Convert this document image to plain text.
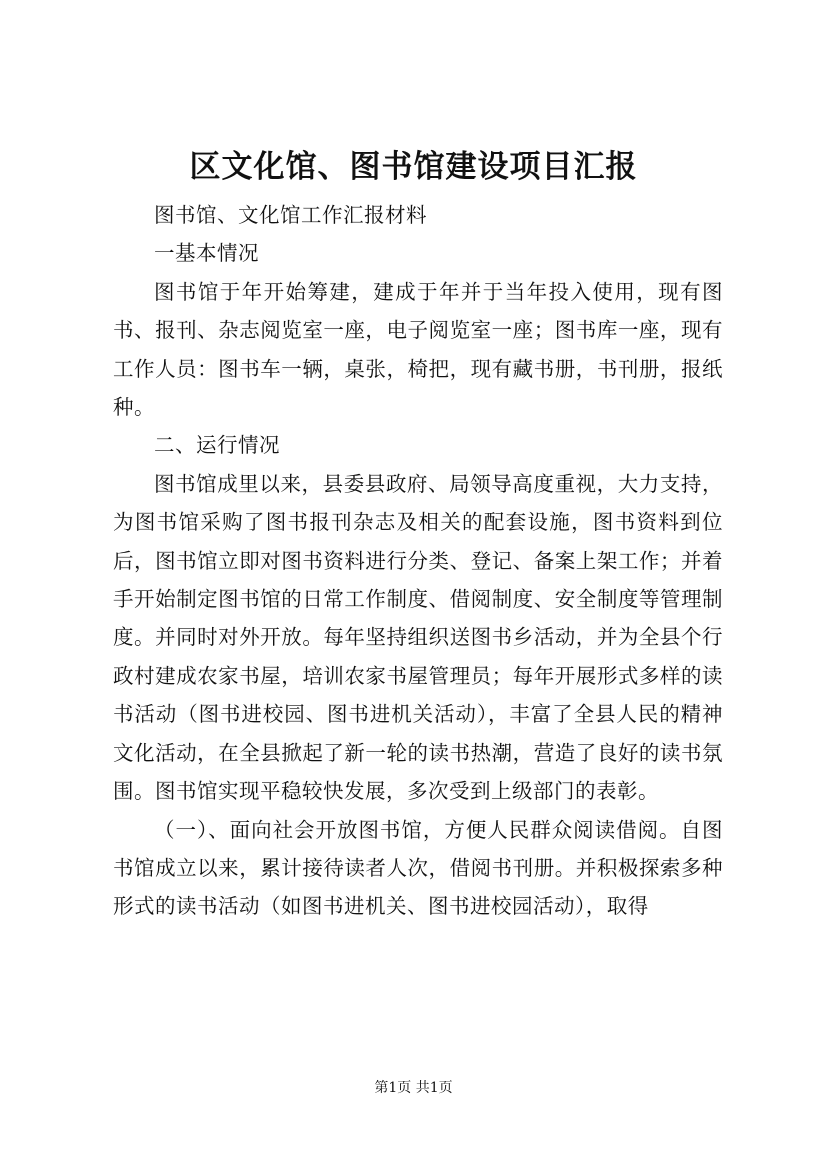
区文化馆、图书馆建设项目汇报

图书馆、文化馆工作汇报材料

一基本情况

图书馆于年开始筹建，建成于年并于当年投入使用，现有图书、报刊、杂志阅览室一座，电子阅览室一座；图书库一座，现有工作人员：图书车一辆，桌张，椅把，现有藏书册，书刊册，报纸种。

二、运行情况

图书馆成里以来，县委县政府、局领导高度重视，大力支持，为图书馆采购了图书报刊杂志及相关的配套设施，图书资料到位后，图书馆立即对图书资料进行分类、登记、备案上架工作；并着手开始制定图书馆的日常工作制度、借阅制度、安全制度等管理制度。并同时对外开放。每年坚持组织送图书乡活动，并为全县个行政村建成农家书屋，培训农家书屋管理员；每年开展形式多样的读书活动（图书进校园、图书进机关活动），丰富了全县人民的精神文化活动，在全县掀起了新一轮的读书热潮，营造了良好的读书氛围。图书馆实现平稳较快发展，多次受到上级部门的表彰。

（一）、面向社会开放图书馆，方便人民群众阅读借阅。自图书馆成立以来，累计接待读者人次，借阅书刊册。并积极探索多种形式的读书活动（如图书进机关、图书进校园活动），取得

第1页 共1页
